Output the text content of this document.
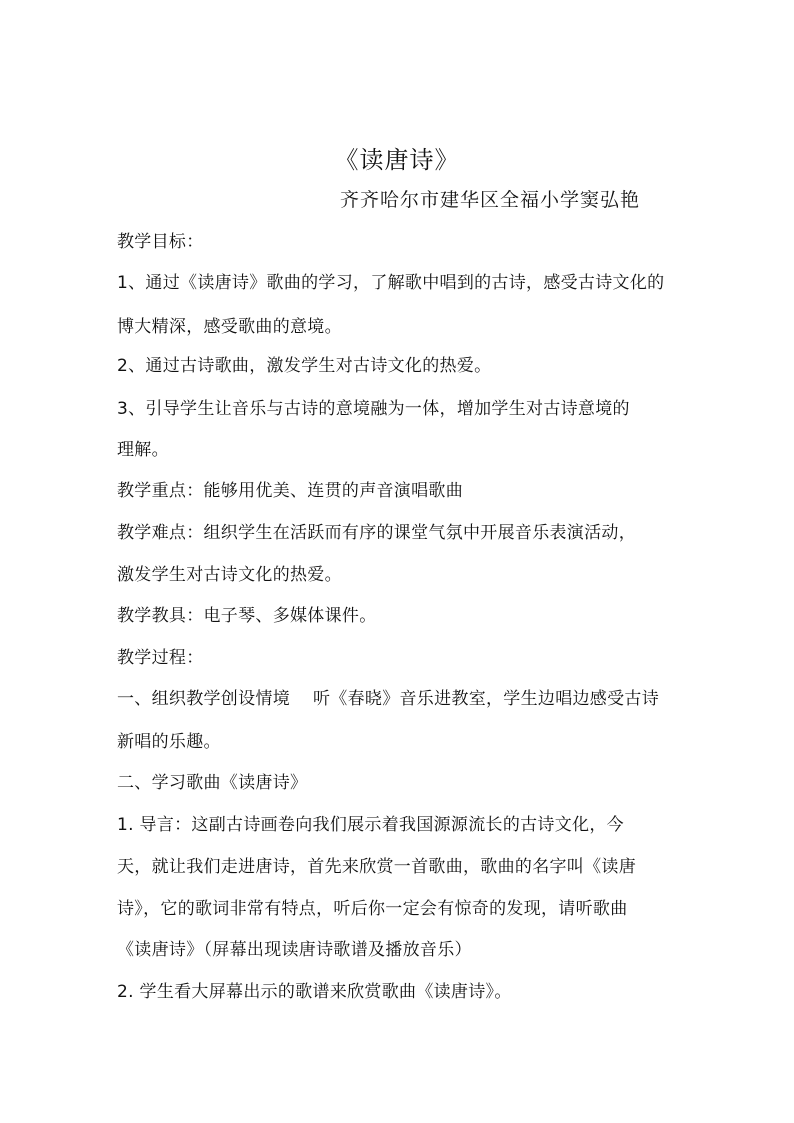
《读唐诗》
齐齐哈尔市建华区全福小学窦弘艳
教学目标：
1、通过《读唐诗》歌曲的学习，了解歌中唱到的古诗，感受古诗文化的
博大精深，感受歌曲的意境。
2、通过古诗歌曲，激发学生对古诗文化的热爱。
3、引导学生让音乐与古诗的意境融为一体，增加学生对古诗意境的
理解。
教学重点：能够用优美、连贯的声音演唱歌曲
教学难点：组织学生在活跃而有序的课堂气氛中开展音乐表演活动，
激发学生对古诗文化的热爱。
教学教具：电子琴、多媒体课件。
教学过程：
一、组织教学创设情境　 听《春晓》音乐进教室，学生边唱边感受古诗
新唱的乐趣。
二、学习歌曲《读唐诗》
1. 导言：这副古诗画卷向我们展示着我国源源流长的古诗文化，今
天，就让我们走进唐诗，首先来欣赏一首歌曲，歌曲的名字叫《读唐
诗》，它的歌词非常有特点，听后你一定会有惊奇的发现，请听歌曲
《读唐诗》（屏幕出现读唐诗歌谱及播放音乐）
2. 学生看大屏幕出示的歌谱来欣赏歌曲《读唐诗》。
